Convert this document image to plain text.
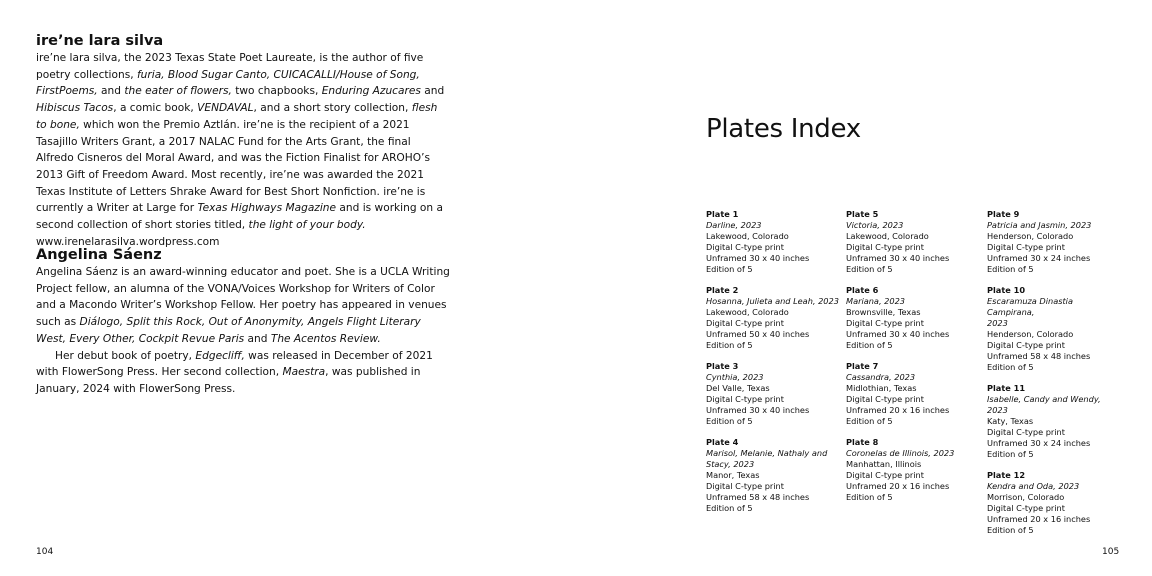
ire’ne lara silva

ire’ne lara silva, the 2023 Texas State Poet Laureate, is the author of five poetry collections, furia, Blood Sugar Canto, CUICACALLI/House of Song, FirstPoems, and the eater of flowers, two chapbooks, Enduring Azucares and Hibiscus Tacos, a comic book, VENDAVAL, and a short story collection, flesh to bone, which won the Premio Aztlán. ire’ne is the recipient of a 2021 Tasajillo Writers Grant, a 2017 NALAC Fund for the Arts Grant, the final Alfredo Cisneros del Moral Award, and was the Fiction Finalist for AROHO’s 2013 Gift of Freedom Award. Most recently, ire’ne was awarded the 2021 Texas Institute of Letters Shrake Award for Best Short Nonfiction. ire’ne is currently a Writer at Large for Texas Highways Magazine and is working on a second collection of short stories titled, the light of your body.

www.irenelarasilva.wordpress.com

Angelina Sáenz

Angelina Sáenz is an award-winning educator and poet. She is a UCLA Writing Project fellow, an alumna of the VONA/Voices Workshop for Writers of Color and a Macondo Writer’s Workshop Fellow. Her poetry has appeared in venues such as Diálogo, Split this Rock, Out of Anonymity, Angels Flight Literary West, Every Other, Cockpit Revue Paris and The Acentos Review.

Her debut book of poetry, Edgecliff, was released in December of 2021 with FlowerSong Press. Her second collection, Maestra, was published in January, 2024 with FlowerSong Press.

104
Plates Index
Plate 1
Darline, 2023
Lakewood, Colorado
Digital C-type print
Unframed 30 x 40 inches
Edition of 5
Plate 2
Hosanna, Julieta and Leah, 2023
Lakewood, Colorado
Digital C-type print
Unframed 50 x 40 inches
Edition of 5
Plate 3
Cynthia, 2023
Del Valle, Texas
Digital C-type print
Unframed 30 x 40 inches
Edition of 5
Plate 4
Marisol, Melanie, Nathaly and
Stacy, 2023
Manor, Texas
Digital C-type print
Unframed 58 x 48 inches
Edition of 5
Plate 5
Victoria, 2023
Lakewood, Colorado
Digital C-type print
Unframed 30 x 40 inches
Edition of 5
Plate 6
Mariana, 2023
Brownsville, Texas
Digital C-type print
Unframed 30 x 40 inches
Edition of 5
Plate 7
Cassandra, 2023
Midlothian, Texas
Digital C-type print
Unframed 20 x 16 inches
Edition of 5
Plate 8
Coronelas de Illinois, 2023
Manhattan, Illinois
Digital C-type print
Unframed 20 x 16 inches
Edition of 5
Plate 9
Patricia and Jasmin, 2023
Henderson, Colorado
Digital C-type print
Unframed 30 x 24 inches
Edition of 5
Plate 10
Escaramuza Dinastia Campirana,
2023
Henderson, Colorado
Digital C-type print
Unframed 58 x 48 inches
Edition of 5
Plate 11
Isabelle, Candy and Wendy, 2023
Katy, Texas
Digital C-type print
Unframed 30 x 24 inches
Edition of 5
Plate 12
Kendra and Oda, 2023
Morrison, Colorado
Digital C-type print
Unframed 20 x 16 inches
Edition of 5
105
